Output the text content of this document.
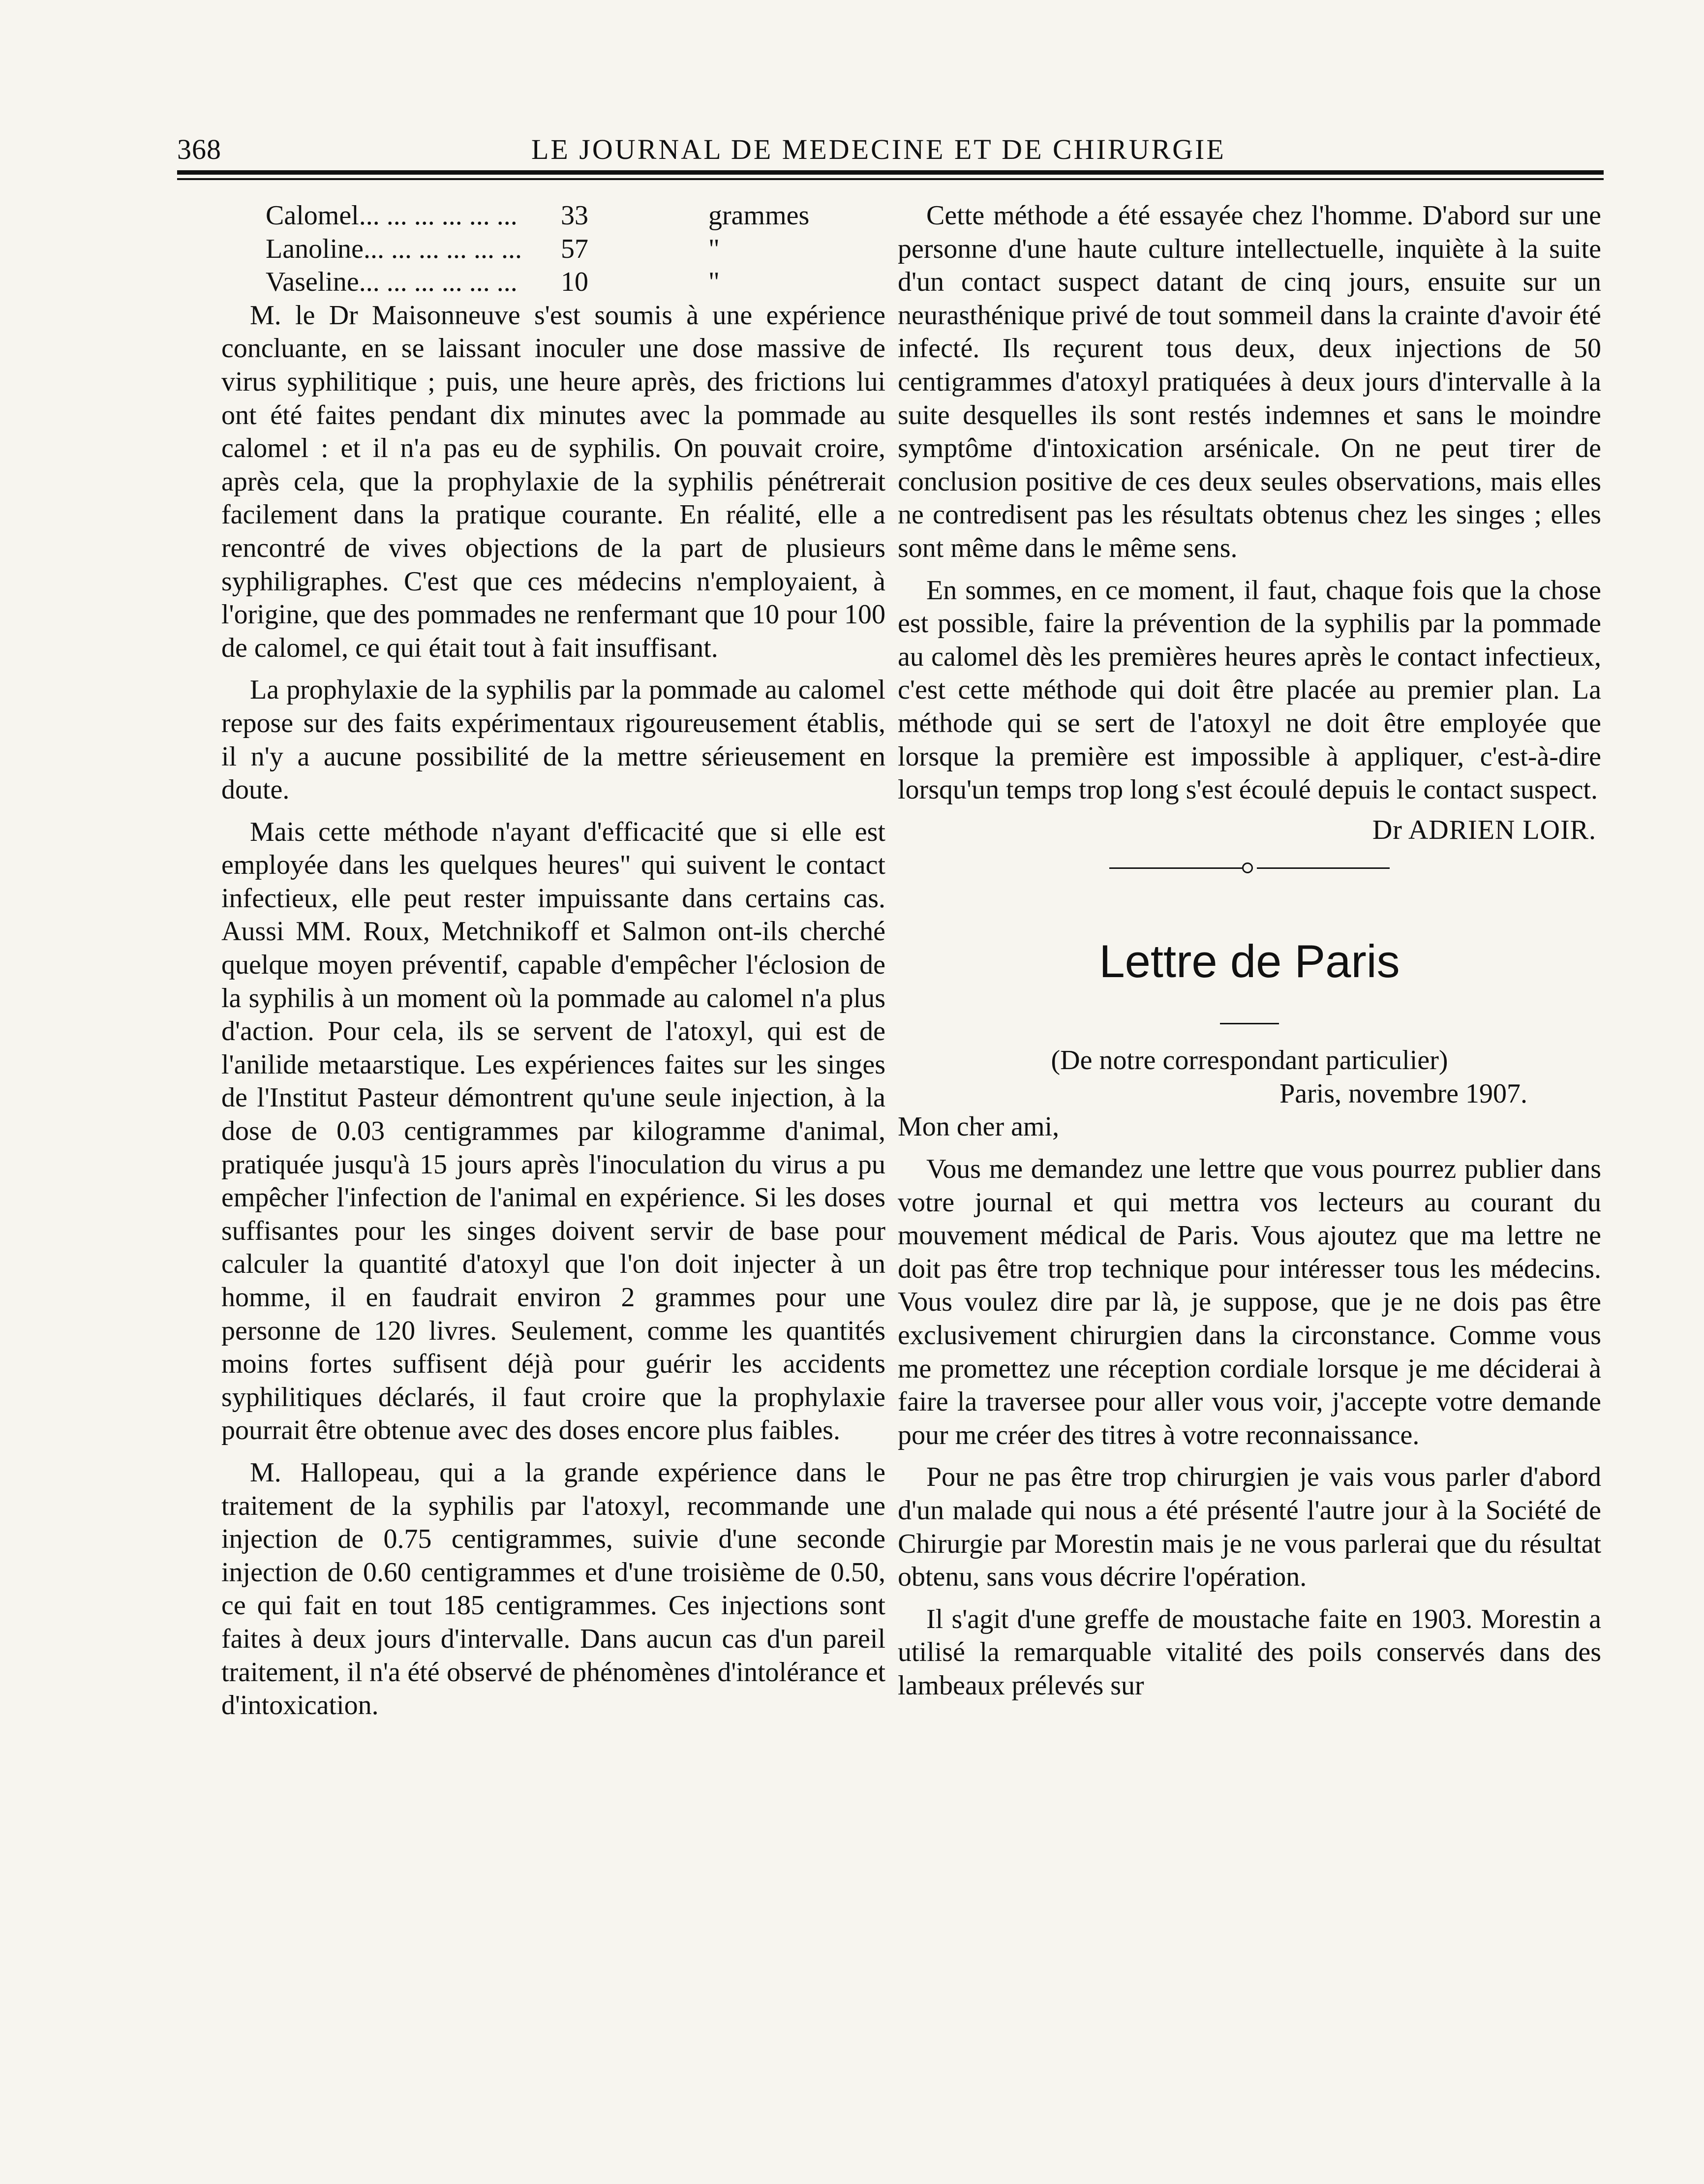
368	LE JOURNAL DE MEDECINE ET DE CHIRURGIE
Calomel... ... ... ... ... ...	33	grammes
Lanoline... ... ... ... ... ...	57	"
Vaseline... ... ... ... ... ...	10	"

M. le Dr Maisonneuve s'est soumis à une expérience concluante, en se laissant inoculer une dose massive de virus syphilitique ; puis, une heure après, des frictions lui ont été faites pendant dix minutes avec la pommade au calomel : et il n'a pas eu de syphilis. On pouvait croire, après cela, que la prophylaxie de la syphilis pénétrerait facilement dans la pratique courante. En réalité, elle a rencontré de vives objections de la part de plusieurs syphiligraphes. C'est que ces médecins n'employaient, à l'origine, que des pommades ne renfermant que 10 pour 100 de calomel, ce qui était tout à fait insuffisant.

La prophylaxie de la syphilis par la pommade au calomel repose sur des faits expérimentaux rigoureusement établis, il n'y a aucune possibilité de la mettre sérieusement en doute.

Mais cette méthode n'ayant d'efficacité que si elle est employée dans les quelques heures" qui suivent le contact infectieux, elle peut rester impuissante dans certains cas. Aussi MM. Roux, Metchnikoff et Salmon ont-ils cherché quelque moyen préventif, capable d'empêcher l'éclosion de la syphilis à un moment où la pommade au calomel n'a plus d'action. Pour cela, ils se servent de l'atoxyl, qui est de l'anilide metaarstique. Les expériences faites sur les singes de l'Institut Pasteur démontrent qu'une seule injection, à la dose de 0.03 centigrammes par kilogramme d'animal, pratiquée jusqu'à 15 jours après l'inoculation du virus a pu empêcher l'infection de l'animal en expérience. Si les doses suffisantes pour les singes doivent servir de base pour calculer la quantité d'atoxyl que l'on doit injecter à un homme, il en faudrait environ 2 grammes pour une personne de 120 livres. Seulement, comme les quantités moins fortes suffisent déjà pour guérir les accidents syphilitiques déclarés, il faut croire que la prophylaxie pourrait être obtenue avec des doses encore plus faibles.

M. Hallopeau, qui a la grande expérience dans le traitement de la syphilis par l'atoxyl, recommande une injection de 0.75 centigrammes, suivie d'une seconde injection de 0.60 centigrammes et d'une troisième de 0.50, ce qui fait en tout 185 centigrammes. Ces injections sont faites à deux jours d'intervalle. Dans aucun cas d'un pareil traitement, il n'a été observé de phénomènes d'intolérance et d'intoxication.

Cette méthode a été essayée chez l'homme. D'abord sur une personne d'une haute culture intellectuelle, inquiète à la suite d'un contact suspect datant de cinq jours, ensuite sur un neurasthénique privé de tout sommeil dans la crainte d'avoir été infecté. Ils reçurent tous deux, deux injections de 50 centigrammes d'atoxyl pratiquées à deux jours d'intervalle à la suite desquelles ils sont restés indemnes et sans le moindre symptôme d'intoxication arsénicale. On ne peut tirer de conclusion positive de ces deux seules observations, mais elles ne contredisent pas les résultats obtenus chez les singes ; elles sont même dans le même sens.

En sommes, en ce moment, il faut, chaque fois que la chose est possible, faire la prévention de la syphilis par la pommade au calomel dès les premières heures après le contact infectieux, c'est cette méthode qui doit être placée au premier plan. La méthode qui se sert de l'atoxyl ne doit être employée que lorsque la première est impossible à appliquer, c'est-à-dire lorsqu'un temps trop long s'est écoulé depuis le contact suspect.

Dr ADRIEN LOIR.
Lettre de Paris
(De notre correspondant particulier)
Paris, novembre 1907.

Mon cher ami,

Vous me demandez une lettre que vous pourrez publier dans votre journal et qui mettra vos lecteurs au courant du mouvement médical de Paris. Vous ajoutez que ma lettre ne doit pas être trop technique pour intéresser tous les médecins. Vous voulez dire par là, je suppose, que je ne dois pas être exclusivement chirurgien dans la circonstance. Comme vous me promettez une réception cordiale lorsque je me déciderai à faire la traversee pour aller vous voir, j'accepte votre demande pour me créer des titres à votre reconnaissance.

Pour ne pas être trop chirurgien je vais vous parler d'abord d'un malade qui nous a été présenté l'autre jour à la Société de Chirurgie par Morestin mais je ne vous parlerai que du résultat obtenu, sans vous décrire l'opération.

Il s'agit d'une greffe de moustache faite en 1903. Morestin a utilisé la remarquable vitalité des poils conservés dans des lambeaux prélevés sur
